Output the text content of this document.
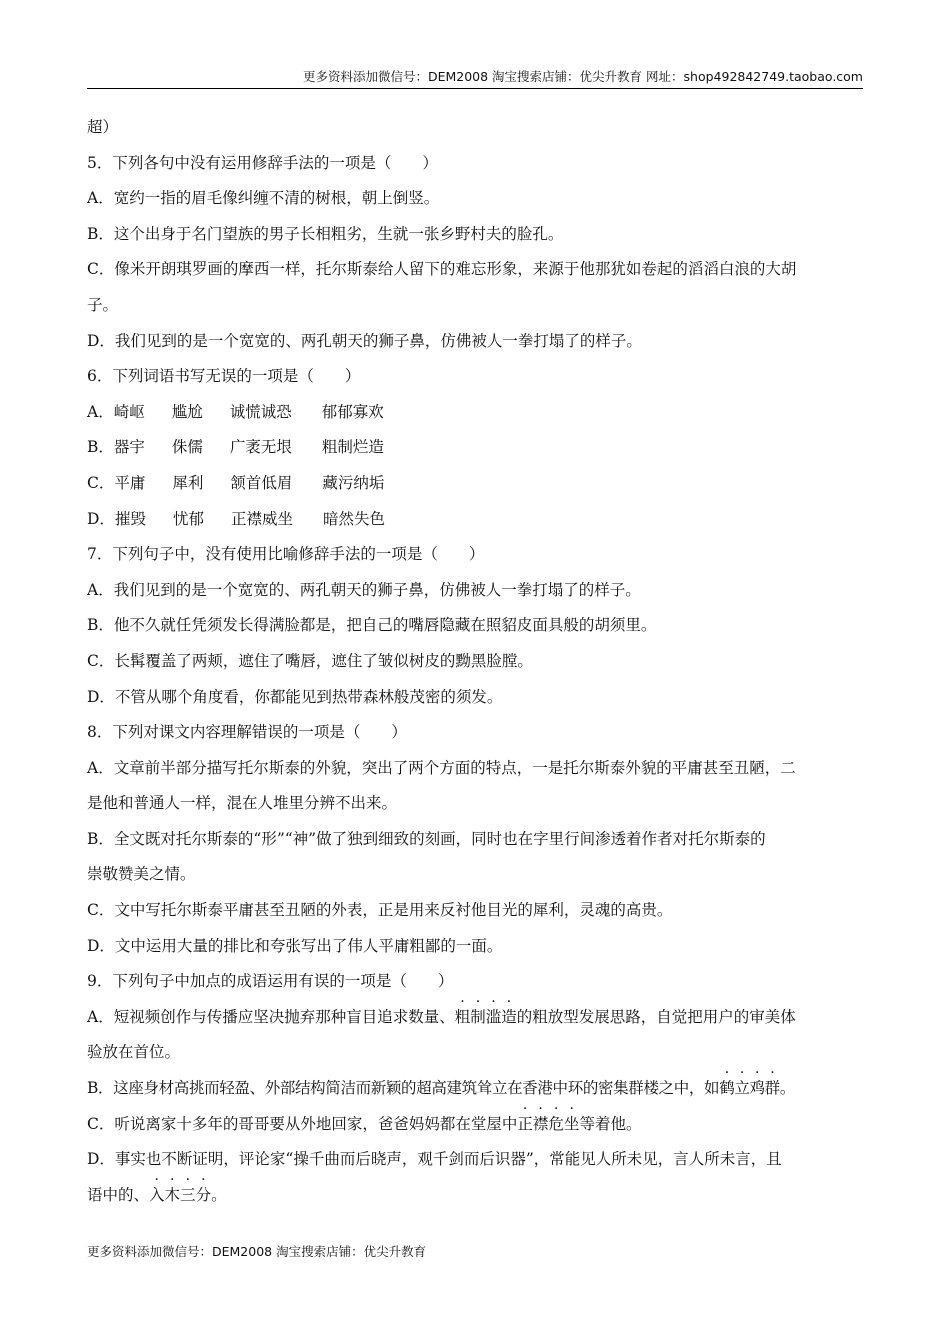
更多资料添加微信号：DEM2008 淘宝搜索店铺：优尖升教育 网址：shop492842749.taobao.com
超）
5．下列各句中没有运用修辞手法的一项是（　　）
A．宽约一指的眉毛像纠缠不清的树根，朝上倒竖。
B．这个出身于名门望族的男子长相粗劣，生就一张乡野村夫的脸孔。
C．像米开朗琪罗画的摩西一样，托尔斯泰给人留下的难忘形象，来源于他那犹如卷起的滔滔白浪的大胡
子。
D．我们见到的是一个宽宽的、两孔朝天的狮子鼻，仿佛被人一拳打塌了的样子。
6．下列词语书写无误的一项是（　　）
A．崎岖 尴尬 诚慌诚恐 郁郁寡欢
B．器宇 侏儒 广袤无垠 粗制烂造
C．平庸 犀利 颔首低眉 藏污纳垢
D．摧毁 忧郁 正襟威坐 暗然失色
7．下列句子中，没有使用比喻修辞手法的一项是（　　）
A．我们见到的是一个宽宽的、两孔朝天的狮子鼻，仿佛被人一拳打塌了的样子。
B．他不久就任凭须发长得满脸都是，把自己的嘴唇隐藏在照貂皮面具般的胡须里。
C．长髯覆盖了两颊，遮住了嘴唇，遮住了皱似树皮的黝黑脸膛。
D．不管从哪个角度看，你都能见到热带森林般茂密的须发。
8．下列对课文内容理解错误的一项是（　　）
A．文章前半部分描写托尔斯泰的外貌，突出了两个方面的特点，一是托尔斯泰外貌的平庸甚至丑陋，二
是他和普通人一样，混在人堆里分辨不出来。
B．全文既对托尔斯泰的“形”“神”做了独到细致的刻画，同时也在字里行间渗透着作者对托尔斯泰的
崇敬赞美之情。
C．文中写托尔斯泰平庸甚至丑陋的外表，正是用来反衬他目光的犀利，灵魂的高贵。
D．文中运用大量的排比和夸张写出了伟人平庸粗鄙的一面。
9．下列句子中加点的成语运用有误的一项是（　　）
A．短视频创作与传播应坚决抛弃那种盲目追求数量、粗制滥造的粗放型发展思路，自觉把用户的审美体
验放在首位。
B．这座身材高挑而轻盈、外部结构简洁而新颖的超高建筑耸立在香港中环的密集群楼之中，如鹤立鸡群。
C．听说离家十多年的哥哥要从外地回家，爸爸妈妈都在堂屋中正襟危坐等着他。
D．事实也不断证明，评论家“操千曲而后晓声，观千剑而后识器”，常能见人所未见，言人所未言，且
语中的、入木三分。
更多资料添加微信号：DEM2008 淘宝搜索店铺：优尖升教育
